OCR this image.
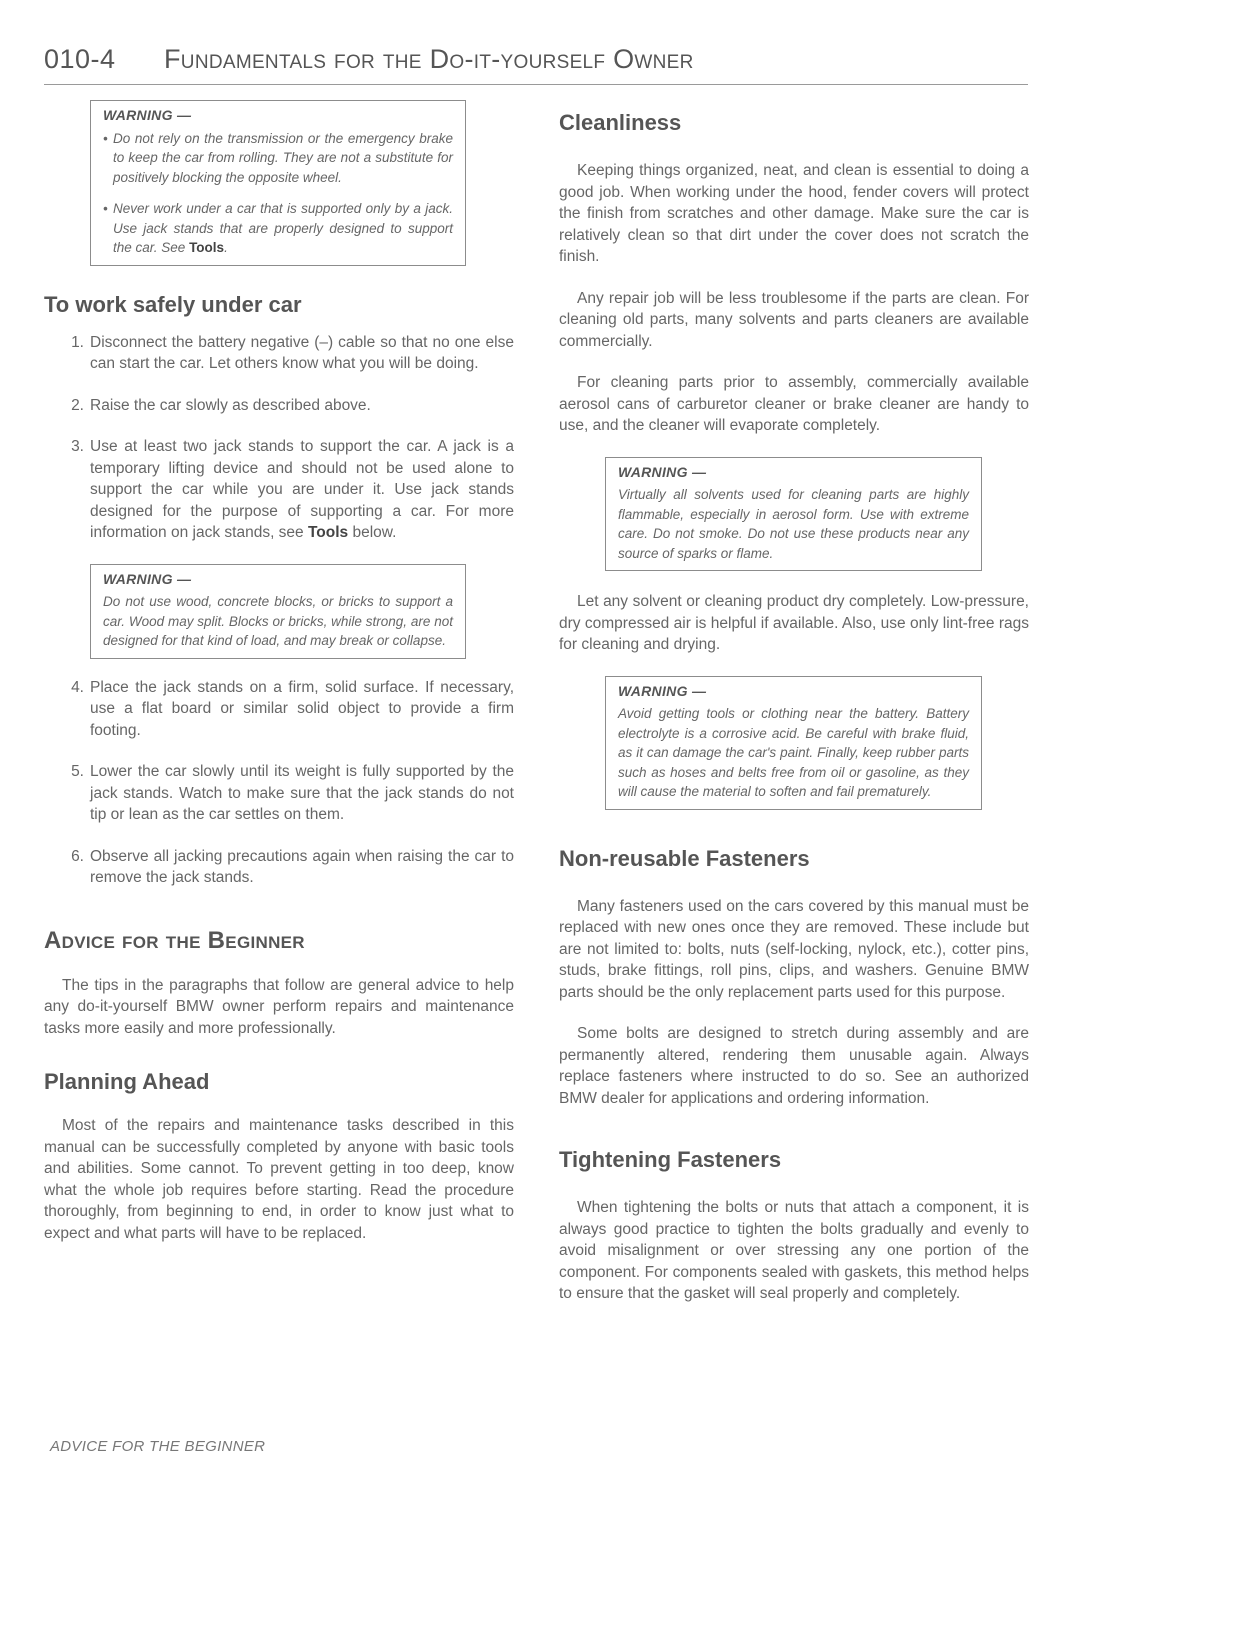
010-4 Fundamentals for the Do-it-yourself Owner
WARNING —
• Do not rely on the transmission or the emergency brake to keep the car from rolling. They are not a substitute for positively blocking the opposite wheel.
• Never work under a car that is supported only by a jack. Use jack stands that are properly designed to support the car. See Tools.
To work safely under car
1. Disconnect the battery negative (–) cable so that no one else can start the car. Let others know what you will be doing.
2. Raise the car slowly as described above.
3. Use at least two jack stands to support the car. A jack is a temporary lifting device and should not be used alone to support the car while you are under it. Use jack stands designed for the purpose of supporting a car. For more information on jack stands, see Tools below.
WARNING —

Do not use wood, concrete blocks, or bricks to support a car. Wood may split. Blocks or bricks, while strong, are not designed for that kind of load, and may break or collapse.

4. Place the jack stands on a firm, solid surface. If necessary, use a flat board or similar solid object to provide a firm footing.
5. Lower the car slowly until its weight is fully supported by the jack stands. Watch to make sure that the jack stands do not tip or lean as the car settles on them.
6. Observe all jacking precautions again when raising the car to remove the jack stands.
Advice for the Beginner

The tips in the paragraphs that follow are general advice to help any do-it-yourself BMW owner perform repairs and maintenance tasks more easily and more professionally.

Planning Ahead

Most of the repairs and maintenance tasks described in this manual can be successfully completed by anyone with basic tools and abilities. Some cannot. To prevent getting in too deep, know what the whole job requires before starting. Read the procedure thoroughly, from beginning to end, in order to know just what to expect and what parts will have to be replaced.

Cleanliness

Keeping things organized, neat, and clean is essential to doing a good job. When working under the hood, fender covers will protect the finish from scratches and other damage. Make sure the car is relatively clean so that dirt under the cover does not scratch the finish.

Any repair job will be less troublesome if the parts are clean. For cleaning old parts, many solvents and parts cleaners are available commercially.

For cleaning parts prior to assembly, commercially available aerosol cans of carburetor cleaner or brake cleaner are handy to use, and the cleaner will evaporate completely.

WARNING —

Virtually all solvents used for cleaning parts are highly flammable, especially in aerosol form. Use with extreme care. Do not smoke. Do not use these products near any source of sparks or flame.

Let any solvent or cleaning product dry completely. Low-pressure, dry compressed air is helpful if available. Also, use only lint-free rags for cleaning and drying.

WARNING —

Avoid getting tools or clothing near the battery. Battery electrolyte is a corrosive acid. Be careful with brake fluid, as it can damage the car's paint. Finally, keep rubber parts such as hoses and belts free from oil or gasoline, as they will cause the material to soften and fail prematurely.

Non-reusable Fasteners

Many fasteners used on the cars covered by this manual must be replaced with new ones once they are removed. These include but are not limited to: bolts, nuts (self-locking, nylock, etc.), cotter pins, studs, brake fittings, roll pins, clips, and washers. Genuine BMW parts should be the only replacement parts used for this purpose.

Some bolts are designed to stretch during assembly and are permanently altered, rendering them unusable again. Always replace fasteners where instructed to do so. See an authorized BMW dealer for applications and ordering information.

Tightening Fasteners

When tightening the bolts or nuts that attach a component, it is always good practice to tighten the bolts gradually and evenly to avoid misalignment or over stressing any one portion of the component. For components sealed with gaskets, this method helps to ensure that the gasket will seal properly and completely.

ADVICE FOR THE BEGINNER
